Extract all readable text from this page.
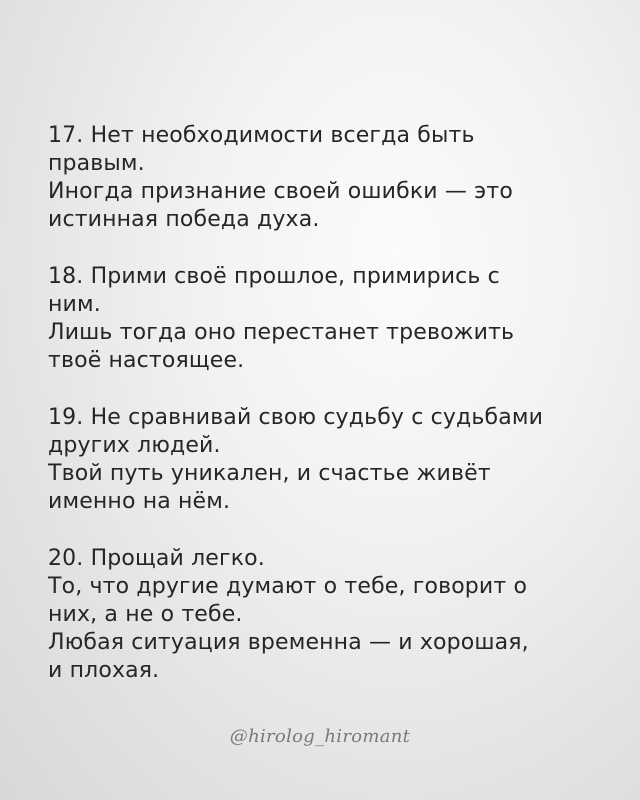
17. Нет необходимости всегда быть
правым.
Иногда признание своей ошибки — это
истинная победа духа.
18. Прими своё прошлое, примирись с
ним.
Лишь тогда оно перестанет тревожить
твоё настоящее.
19. Не сравнивай свою судьбу с судьбами
других людей.
Твой путь уникален, и счастье живёт
именно на нём.
20. Прощай легко.
То, что другие думают о тебе, говорит о
них, а не о тебе.
Любая ситуация временна — и хорошая,
и плохая.
@hirolog_hiromant
